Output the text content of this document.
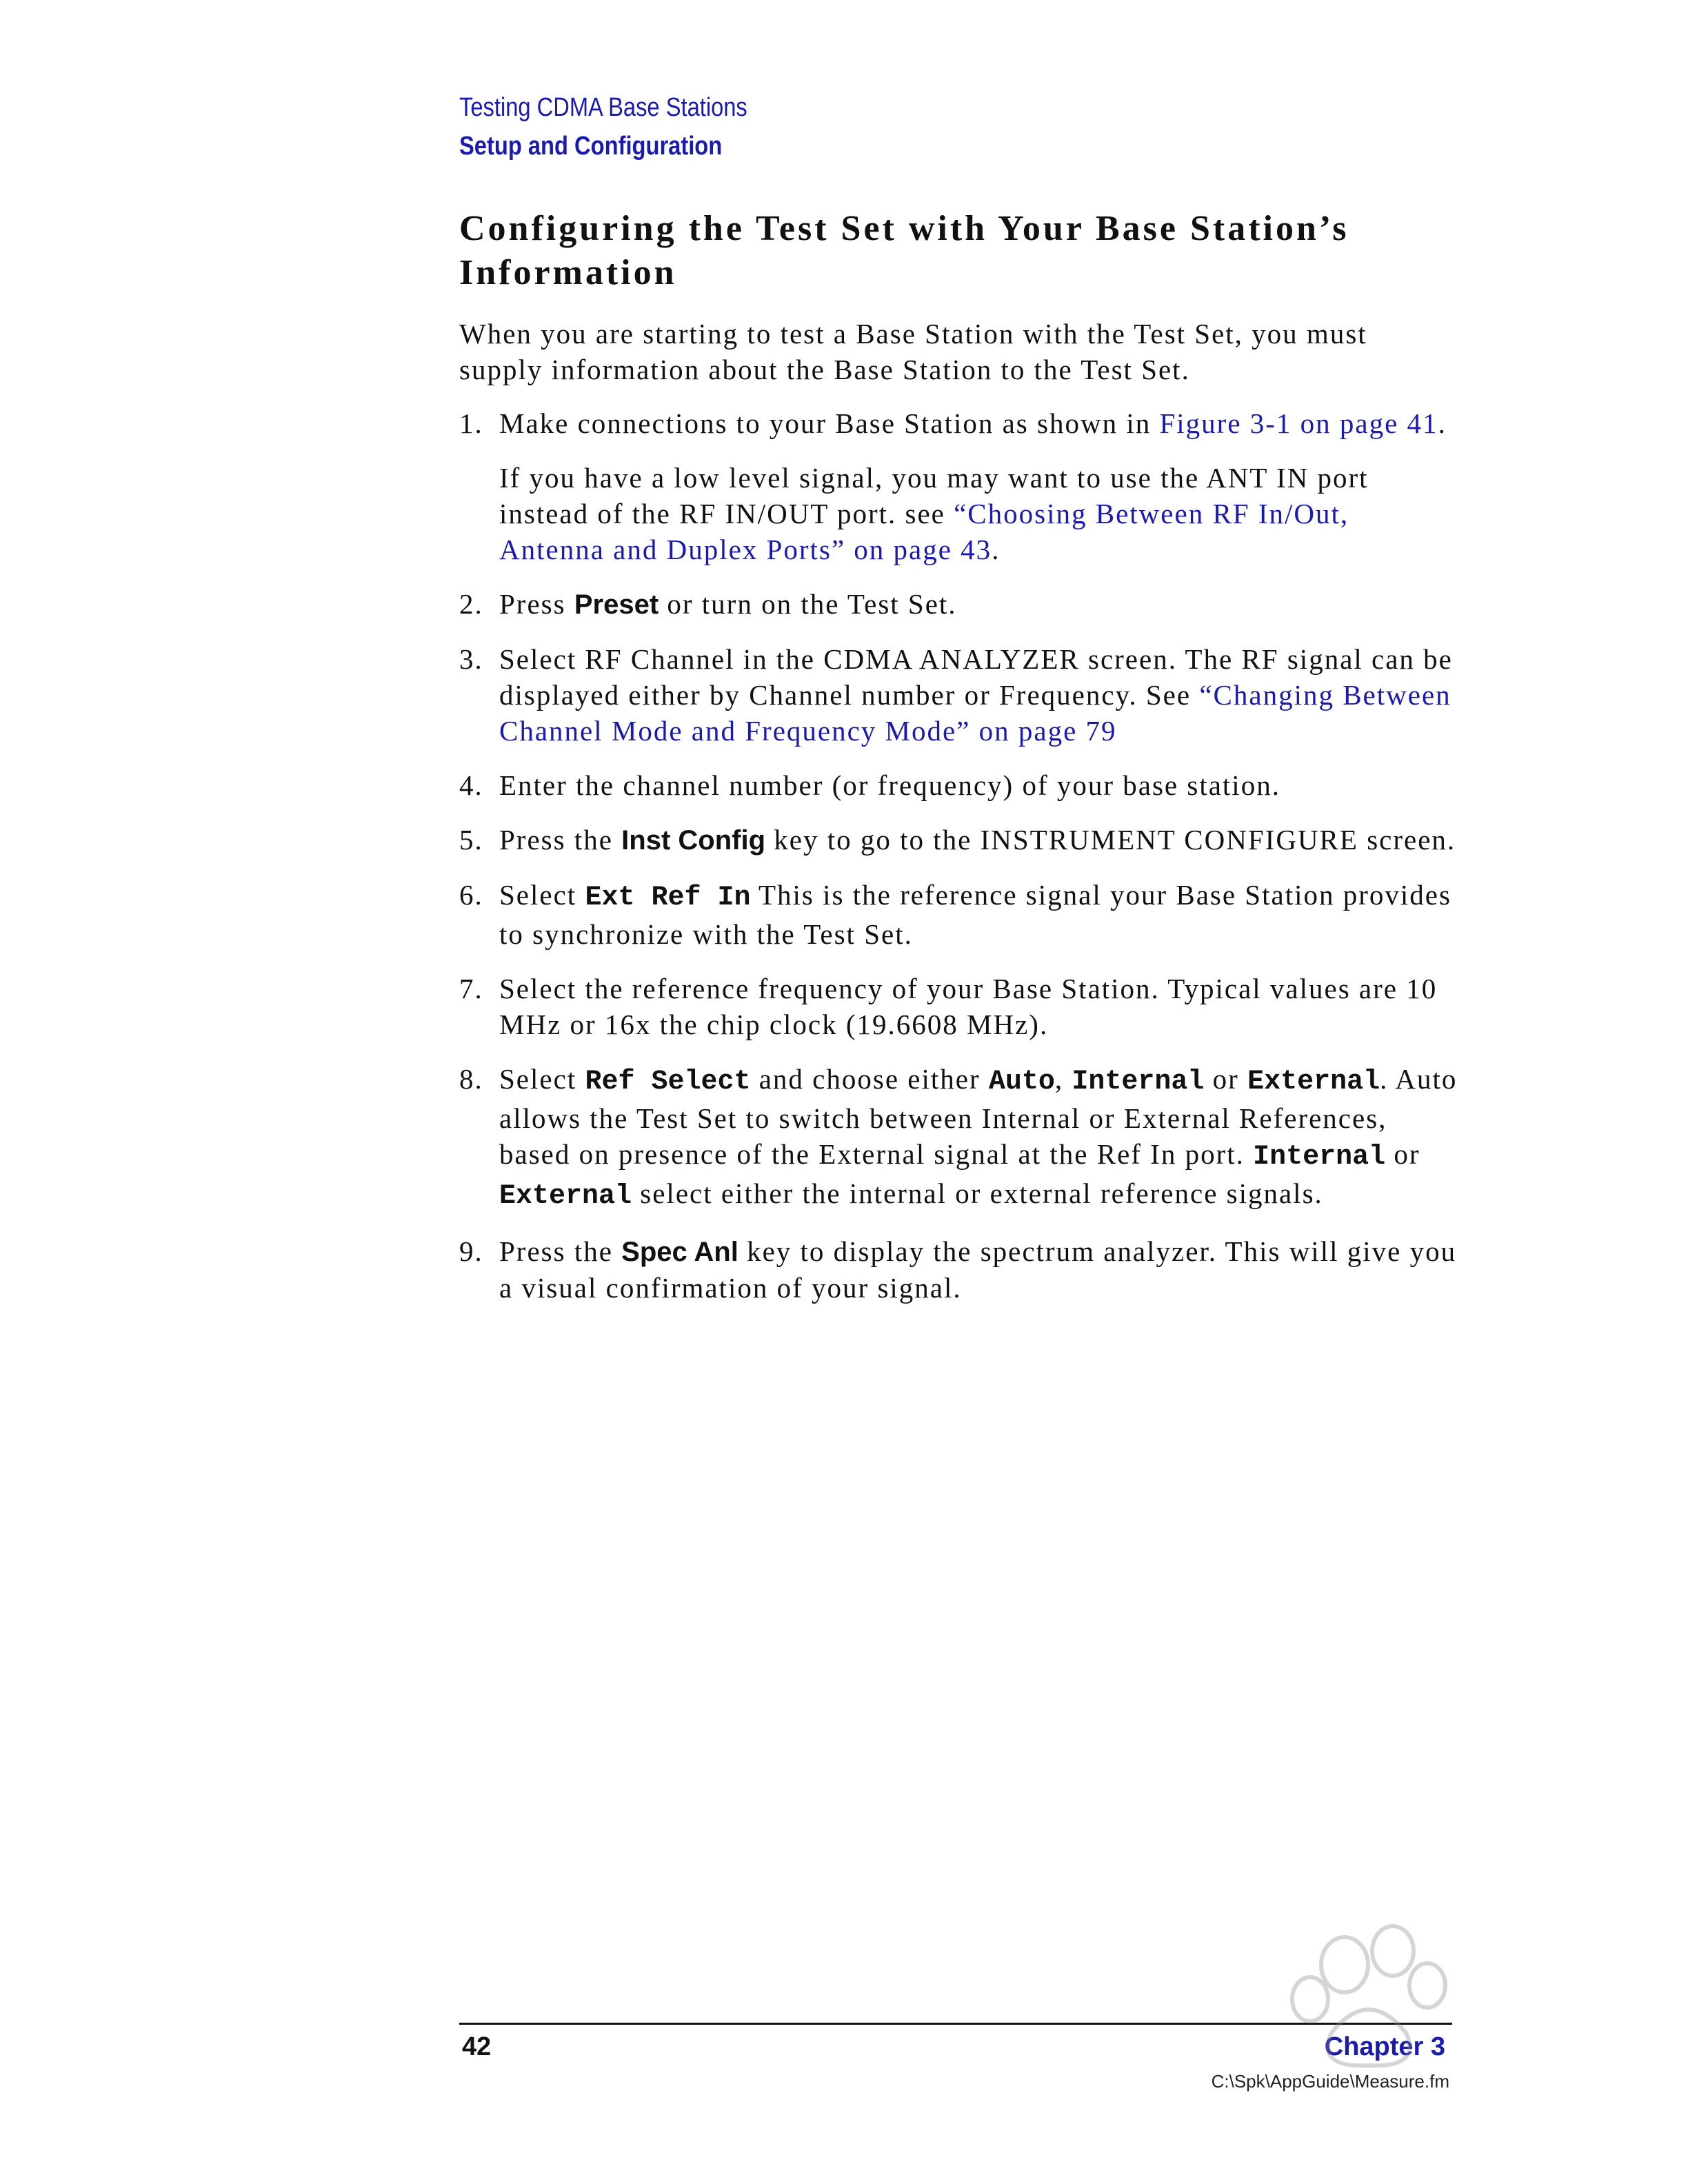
Testing CDMA Base Stations
Setup and Configuration
Configuring the Test Set with Your Base Station’s Information

When you are starting to test a Base Station with the Test Set, you must supply information about the Base Station to the Test Set.

1. Make connections to your Base Station as shown in Figure 3-1 on page 41.

If you have a low level signal, you may want to use the ANT IN port instead of the RF IN/OUT port. see “Choosing Between RF In/Out, Antenna and Duplex Ports” on page 43.

2. Press Preset or turn on the Test Set.
3. Select RF Channel in the CDMA ANALYZER screen. The RF signal can be displayed either by Channel number or Frequency. See “Changing Between Channel Mode and Frequency Mode” on page 79
4. Enter the channel number (or frequency) of your base station.
5. Press the Inst Config key to go to the INSTRUMENT CONFIGURE screen.
6. Select Ext Ref In This is the reference signal your Base Station provides to synchronize with the Test Set.
7. Select the reference frequency of your Base Station. Typical values are 10 MHz or 16x the chip clock (19.6608 MHz).
8. Select Ref Select and choose either Auto, Internal or External. Auto allows the Test Set to switch between Internal or External References, based on presence of the External signal at the Ref In port. Internal or External select either the internal or external reference signals.
9. Press the Spec Anl key to display the spectrum analyzer. This will give you a visual confirmation of your signal.
42	Chapter 3
C:\Spk\AppGuide\Measure.fm
